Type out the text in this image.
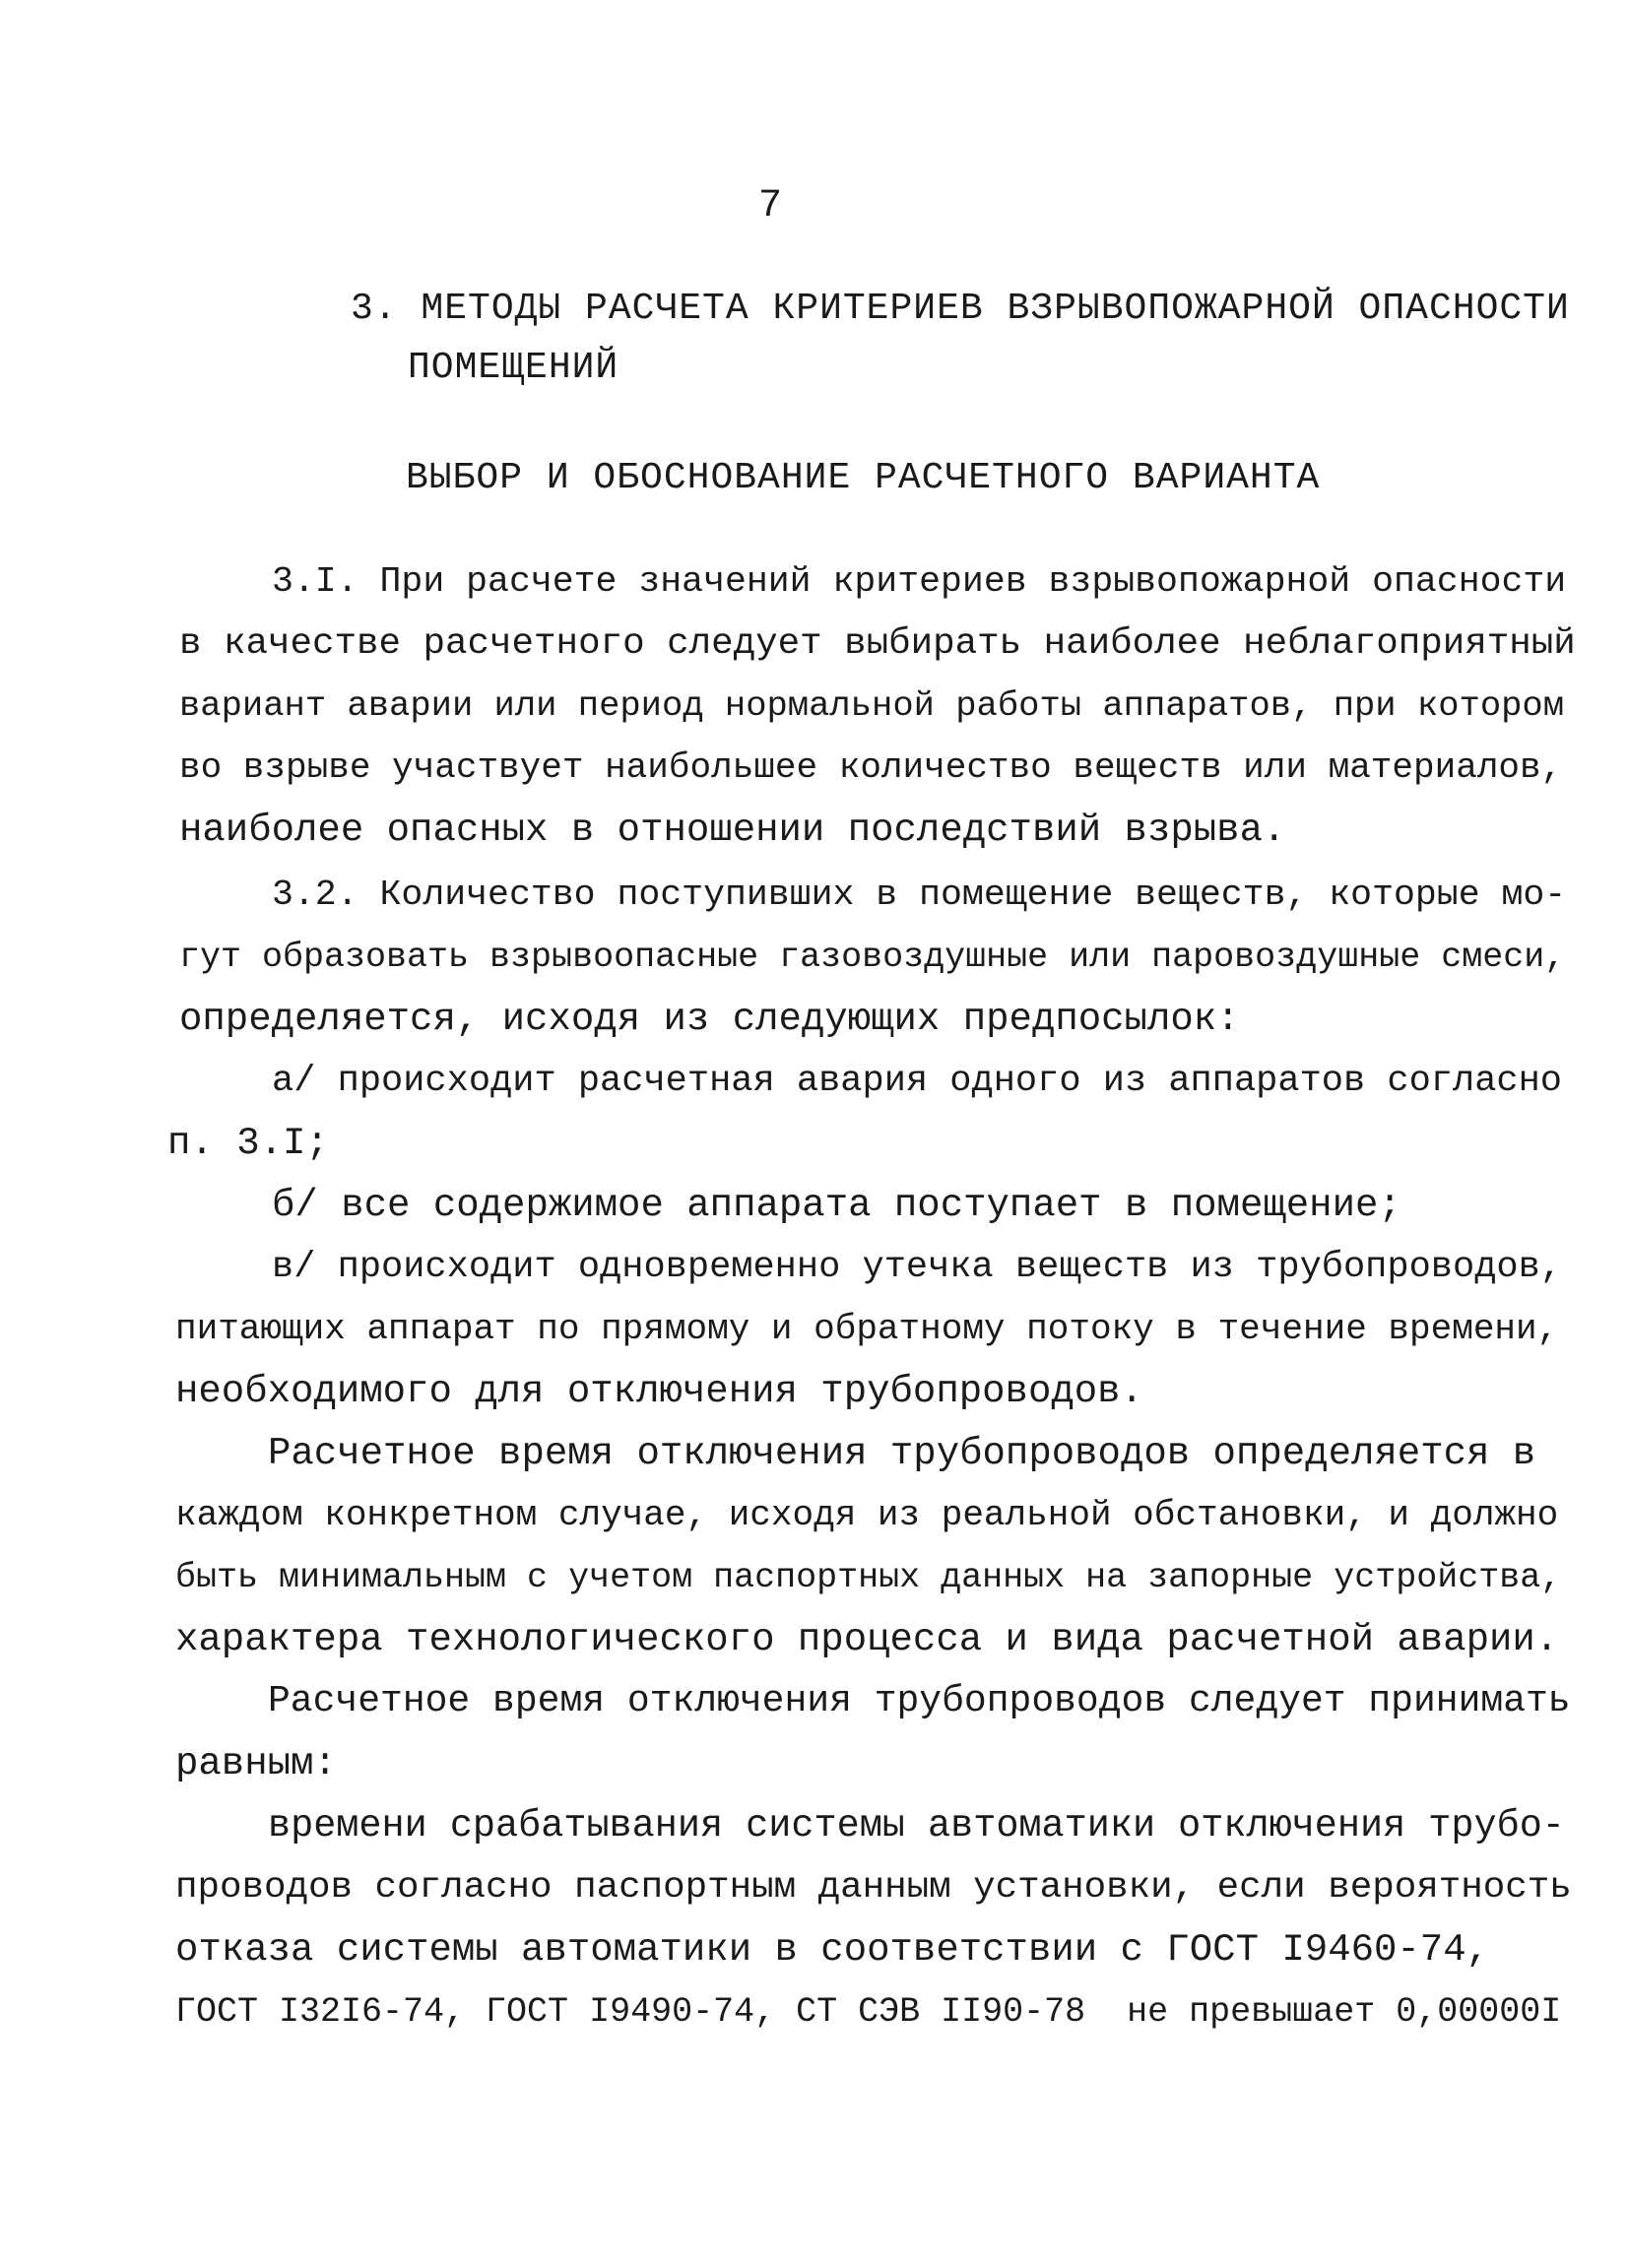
7
3. МЕТОДЫ РАСЧЕТА КРИТЕРИЕВ ВЗРЫВОПОЖАРНОЙ ОПАСНОСТИ
ПОМЕЩЕНИЙ
ВЫБОР И ОБОСНОВАНИЕ РАСЧЕТНОГО ВАРИАНТА
3.I. При расчете значений критериев взрывопожарной опасности
в качестве расчетного следует выбирать наиболее неблагоприятный
вариант аварии или период нормальной работы аппаратов, при котором
во взрыве участвует наибольшее количество веществ или материалов,
наиболее опасных в отношении последствий взрыва.
3.2. Количество поступивших в помещение веществ, которые мо-
гут образовать взрывоопасные газовоздушные или паровоздушные смеси,
определяется, исходя из следующих предпосылок:
а/ происходит расчетная авария одного из аппаратов согласно
п. 3.I;
б/ все содержимое аппарата поступает в помещение;
в/ происходит одновременно утечка веществ из трубопроводов,
питающих аппарат по прямому и обратному потоку в течение времени,
необходимого для отключения трубопроводов.
Расчетное время отключения трубопроводов определяется в
каждом конкретном случае, исходя из реальной обстановки, и должно
быть минимальным с учетом паспортных данных на запорные устройства,
характера технологического процесса и вида расчетной аварии.
Расчетное время отключения трубопроводов следует принимать
равным:
времени срабатывания системы автоматики отключения трубо-
проводов согласно паспортным данным установки, если вероятность
отказа системы автоматики в соответствии с ГОСТ I9460-74,
ГОСТ I32I6-74, ГОСТ I9490-74, СТ СЭВ II90-78  не превышает 0,00000I
